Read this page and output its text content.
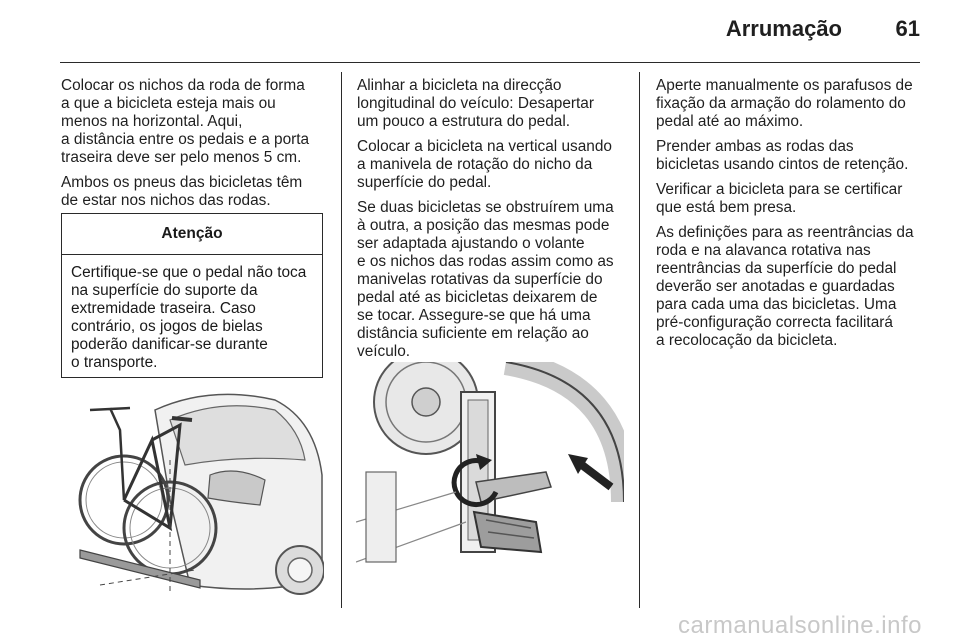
Arrumação 61

Colocar os nichos da roda de forma
a que a bicicleta esteja mais ou
menos na horizontal. Aqui,
a distância entre os pedais e a porta
traseira deve ser pelo menos 5 cm.

Ambos os pneus das bicicletas têm
de estar nos nichos das rodas.

Atenção
Certifique-se que o pedal não toca
na superfície do suporte da
extremidade traseira. Caso
contrário, os jogos de bielas
poderão danificar-se durante
o transporte.

Alinhar a bicicleta na direcção
longitudinal do veículo: Desapertar
um pouco a estrutura do pedal.

Colocar a bicicleta na vertical usando
a manivela de rotação do nicho da
superfície do pedal.

Se duas bicicletas se obstruírem uma
à outra, a posição das mesmas pode
ser adaptada ajustando o volante
e os nichos das rodas assim como as
manivelas rotativas da superfície do
pedal até as bicicletas deixarem de
se tocar. Assegure-se que há uma
distância suficiente em relação ao
veículo.

Aperte manualmente os parafusos de
fixação da armação do rolamento do
pedal até ao máximo.

Prender ambas as rodas das
bicicletas usando cintos de retenção.

Verificar a bicicleta para se certificar
que está bem presa.

As definições para as reentrâncias da
roda e na alavanca rotativa nas
reentrâncias da superfície do pedal
deverão ser anotadas e guardadas
para cada uma das bicicletas. Uma
pré-configuração correcta facilitará
a recolocação da bicicleta.

carmanualsonline.info
